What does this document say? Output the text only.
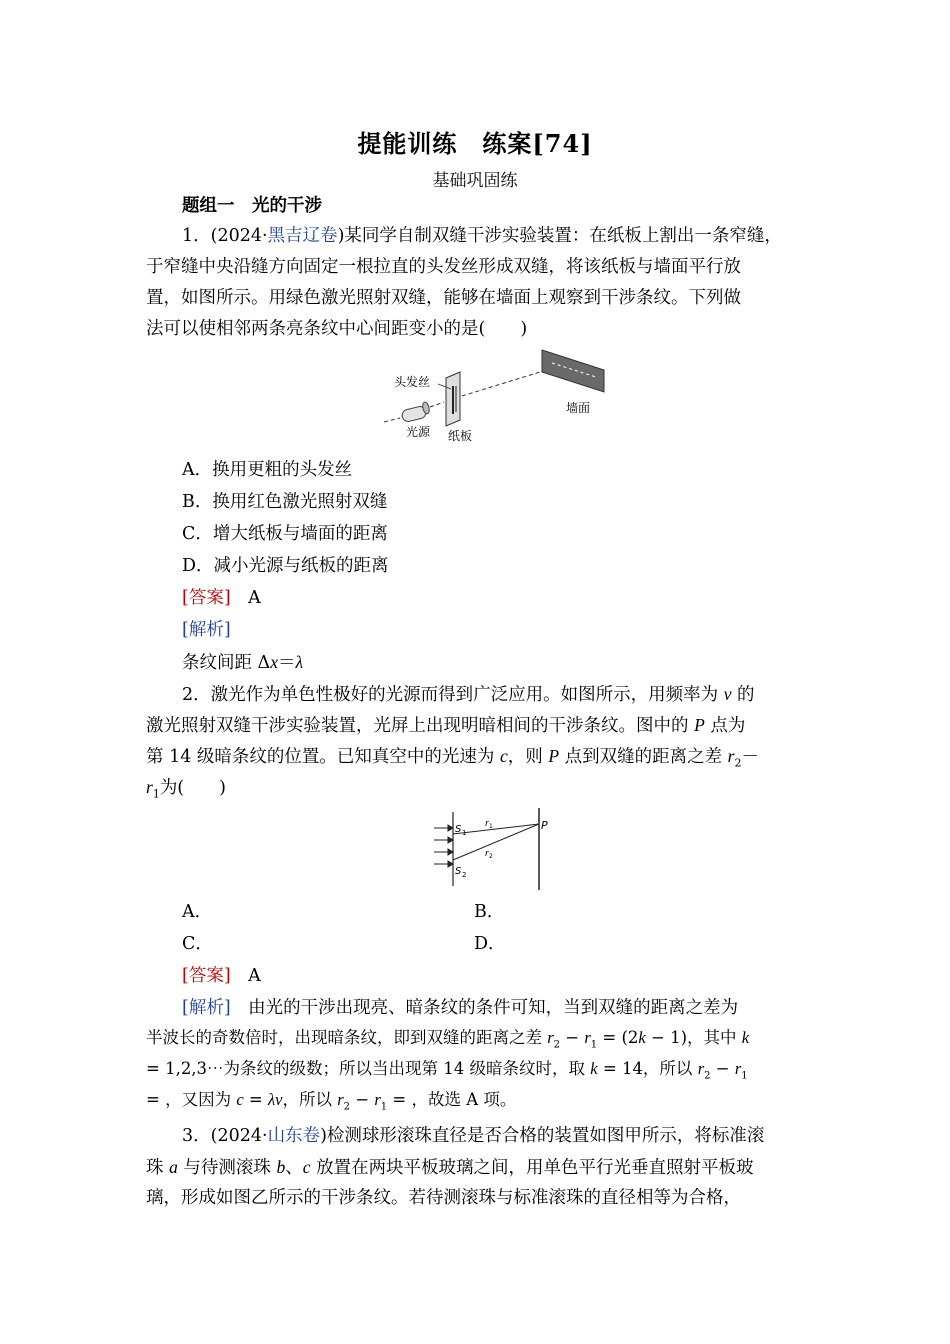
提能训练　练案[74]
基础巩固练
题组一　光的干涉
1．(2024·黑吉辽卷)某同学自制双缝干涉实验装置：在纸板上割出一条窄缝，
于窄缝中央沿缝方向固定一根拉直的头发丝形成双缝，将该纸板与墙面平行放
置，如图所示。用绿色激光照射双缝，能够在墙面上观察到干涉条纹。下列做
法可以使相邻两条亮条纹中心间距变小的是(　　)
头发丝
光源 纸板
墙面
A．换用更粗的头发丝
B．换用红色激光照射双缝
C．增大纸板与墙面的距离
D．减小光源与纸板的距离
[答案]　 A
[解析]
条纹间距 Δx＝λ
2．激光作为单色性极好的光源而得到广泛应用。如图所示，用频率为 ν 的
激光照射双缝干涉实验装置，光屏上出现明暗相间的干涉条纹。图中的 P 点为
第 14 级暗条纹的位置。已知真空中的光速为 c，则 P 点到双缝的距离之差 $r_2-$
$r_1$为(　　)
S 1
S 2
r 1
r 2
P
A．	B．
C．	D．
[答案]　 A
[解析]　由光的干涉出现亮、暗条纹的条件可知，当到双缝的距离之差为
半波长的奇数倍时，出现暗条纹，即到双缝的距离之差 $r_2 - r_1 = (2k - 1)$，其中 k
= 1,2,3⋯为条纹的级数；所以当出现第 14 级暗条纹时，取 k = 14，所以 $r_2 - r_1$
= ，又因为 c = λν，所以 $r_2 - r_1$ = ，故选 A 项。
3．(2024·山东卷)检测球形滚珠直径是否合格的装置如图甲所示，将标准滚
珠 a 与待测滚珠 b、c 放置在两块平板玻璃之间，用单色平行光垂直照射平板玻
璃，形成如图乙所示的干涉条纹。若待测滚珠与标准滚珠的直径相等为合格，
